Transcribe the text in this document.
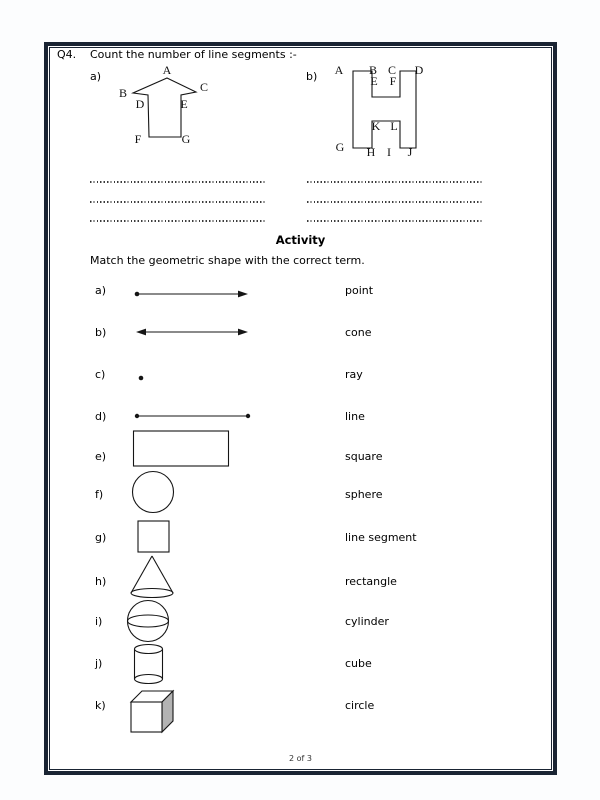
Q4. Count the number of line segments :-
a)	A
B	C
D	E
F	G
b) A B C D
E F
G H I J
K L
Activity
Match the geometric shape with the correct term.
a)	point
b)	cone
c)	ray
d)	line
e)	square
f)	sphere
g)	line segment
h)	rectangle
i)	cylinder
j)	cube
k)	circle
2 of 3
